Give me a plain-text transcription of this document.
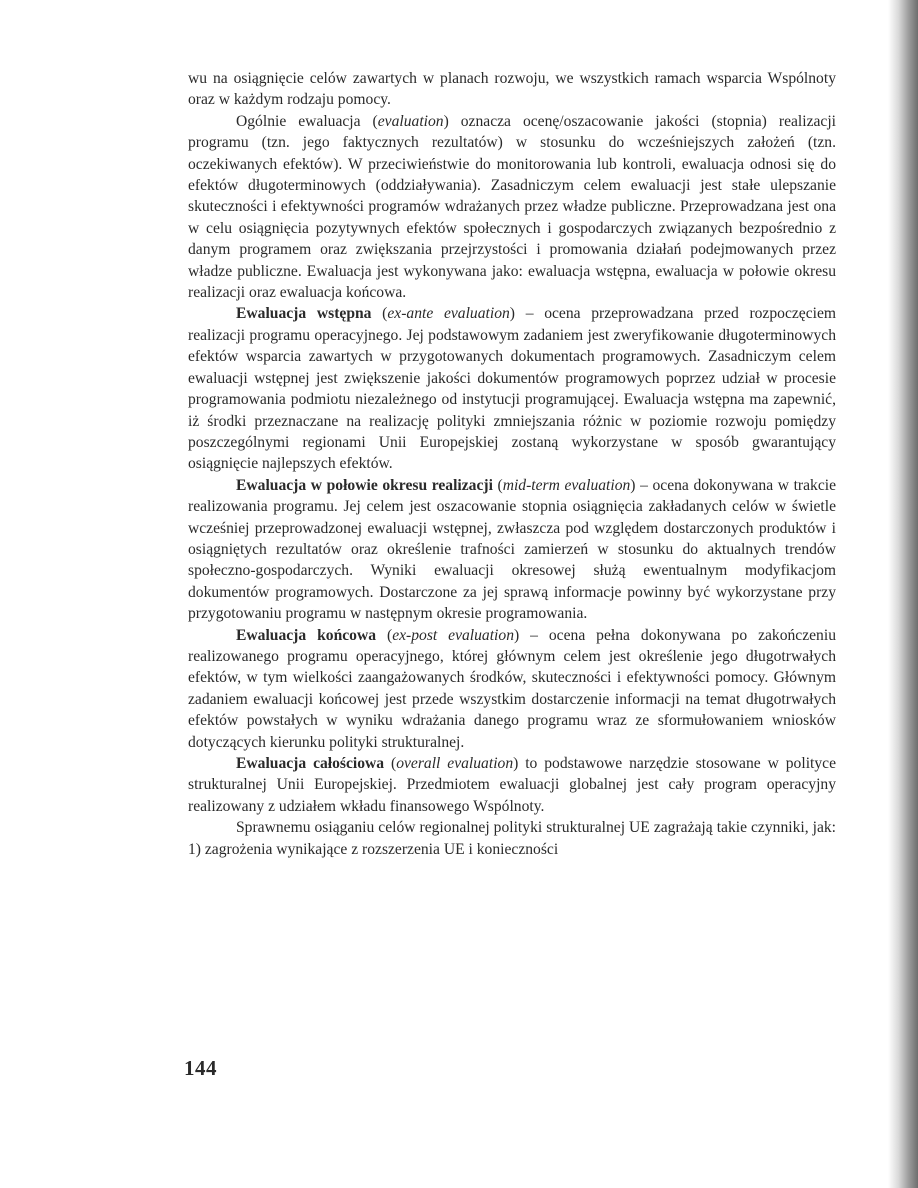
wu na osiągnięcie celów zawartych w planach rozwoju, we wszystkich ramach wsparcia Wspólnoty oraz w każdym rodzaju pomocy.

Ogólnie ewaluacja (evaluation) oznacza ocenę/oszacowanie jakości (stopnia) realizacji programu (tzn. jego faktycznych rezultatów) w stosunku do wcześniejszych założeń (tzn. oczekiwanych efektów). W przeciwieństwie do monitorowania lub kontroli, ewaluacja odnosi się do efektów długoterminowych (oddziaływania). Zasadniczym celem ewaluacji jest stałe ulepszanie skuteczności i efektywności programów wdrażanych przez władze publiczne. Przeprowadzana jest ona w celu osiągnięcia pozytywnych efektów społecznych i gospodarczych związanych bezpośrednio z danym programem oraz zwiększania przejrzystości i promowania działań podejmowanych przez władze publiczne. Ewaluacja jest wykonywana jako: ewaluacja wstępna, ewaluacja w połowie okresu realizacji oraz ewaluacja końcowa.

Ewaluacja wstępna (ex-ante evaluation) – ocena przeprowadzana przed rozpoczęciem realizacji programu operacyjnego. Jej podstawowym zadaniem jest zweryfikowanie długoterminowych efektów wsparcia zawartych w przygotowanych dokumentach programowych. Zasadniczym celem ewaluacji wstępnej jest zwiększenie jakości dokumentów programowych poprzez udział w procesie programowania podmiotu niezależnego od instytucji programującej. Ewaluacja wstępna ma zapewnić, iż środki przeznaczane na realizację polityki zmniejszania różnic w poziomie rozwoju pomiędzy poszczególnymi regionami Unii Europejskiej zostaną wykorzystane w sposób gwarantujący osiągnięcie najlepszych efektów.

Ewaluacja w połowie okresu realizacji (mid-term evaluation) – ocena dokonywana w trakcie realizowania programu. Jej celem jest oszacowanie stopnia osiągnięcia zakładanych celów w świetle wcześniej przeprowadzonej ewaluacji wstępnej, zwłaszcza pod względem dostarczonych produktów i osiągniętych rezultatów oraz określenie trafności zamierzeń w stosunku do aktualnych trendów społeczno-gospodarczych. Wyniki ewaluacji okresowej służą ewentualnym modyfikacjom dokumentów programowych. Dostarczone za jej sprawą informacje powinny być wykorzystane przy przygotowaniu programu w następnym okresie programowania.

Ewaluacja końcowa (ex-post evaluation) – ocena pełna dokonywana po zakończeniu realizowanego programu operacyjnego, której głównym celem jest określenie jego długotrwałych efektów, w tym wielkości zaangażowanych środków, skuteczności i efektywności pomocy. Głównym zadaniem ewaluacji końcowej jest przede wszystkim dostarczenie informacji na temat długotrwałych efektów powstałych w wyniku wdrażania danego programu wraz ze sformułowaniem wniosków dotyczących kierunku polityki strukturalnej.

Ewaluacja całościowa (overall evaluation) to podstawowe narzędzie stosowane w polityce strukturalnej Unii Europejskiej. Przedmiotem ewaluacji globalnej jest cały program operacyjny realizowany z udziałem wkładu finansowego Wspólnoty.

Sprawnemu osiąganiu celów regionalnej polityki strukturalnej UE zagrażają takie czynniki, jak: 1) zagrożenia wynikające z rozszerzenia UE i konieczności

144
